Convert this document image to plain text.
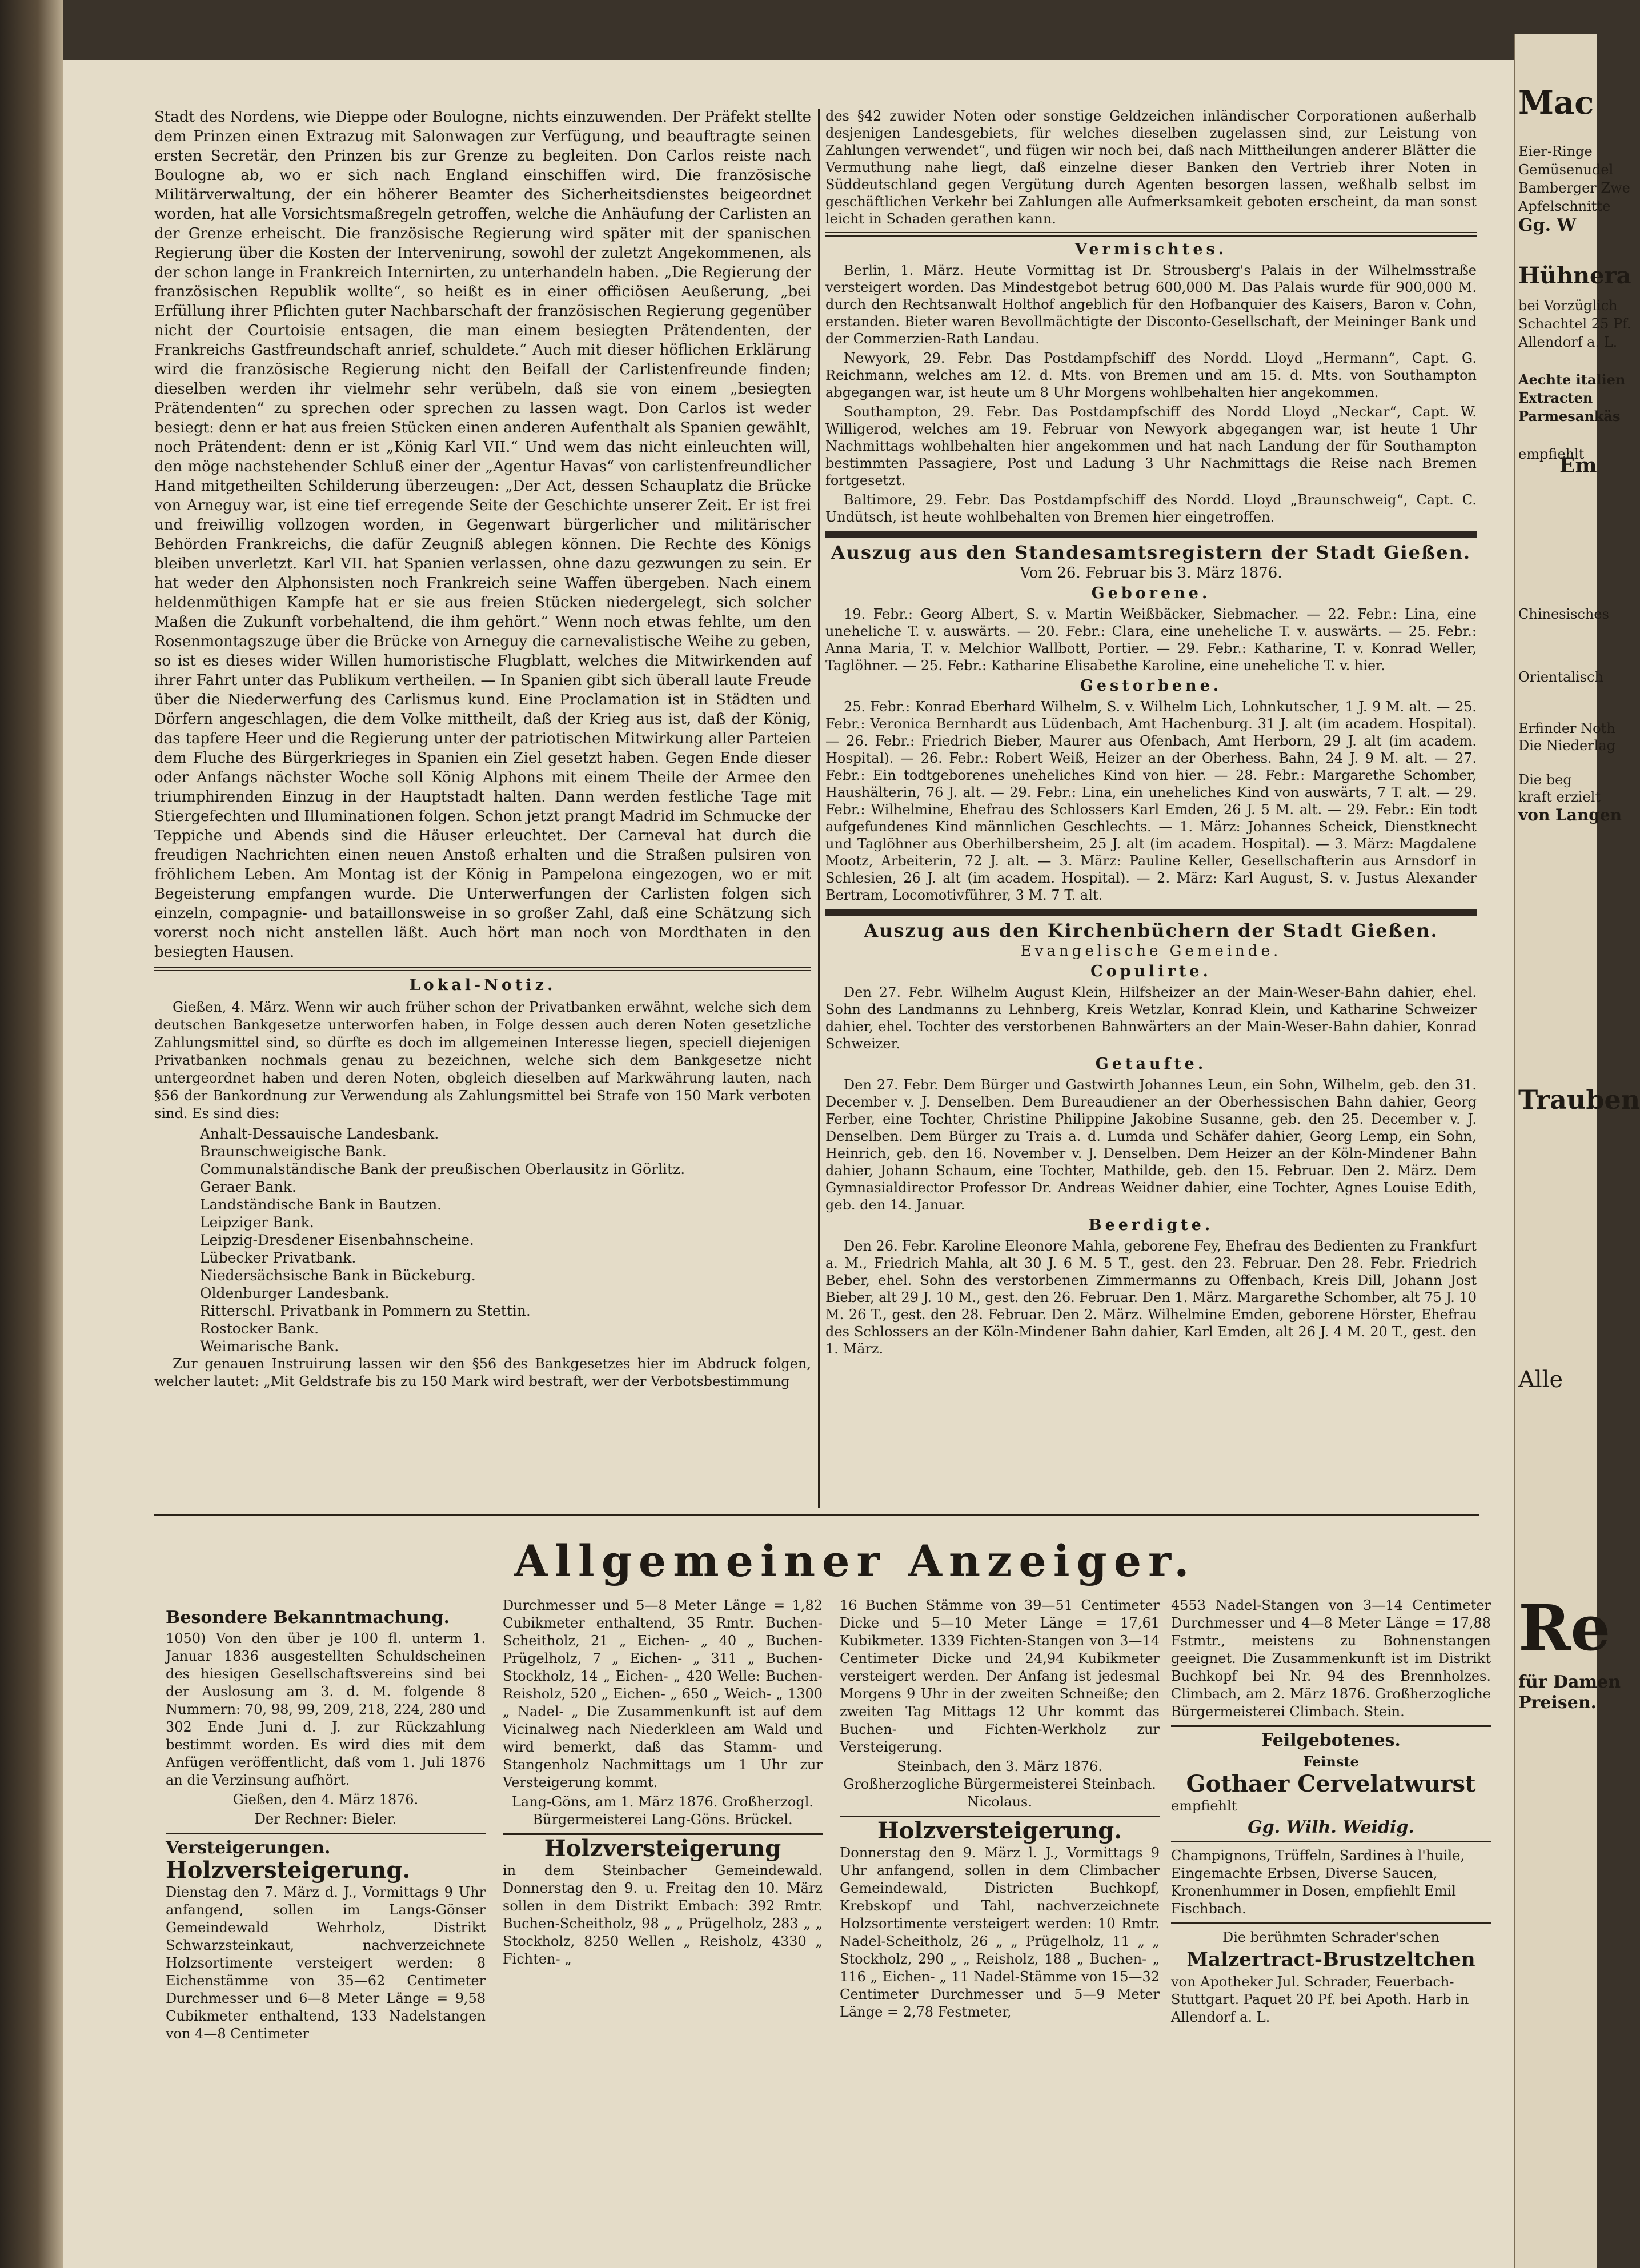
Stadt des Nordens, wie Dieppe oder Boulogne, nichts einzuwenden. Der Präfekt stellte dem Prinzen einen Extrazug mit Salonwagen zur Verfügung, und beauftragte seinen ersten Secretär, den Prinzen bis zur Grenze zu begleiten. Don Carlos reiste nach Boulogne ab, wo er sich nach England einschiffen wird. Die französische Militärverwaltung, der ein höherer Beamter des Sicherheitsdienstes beigeordnet worden, hat alle Vorsichtsmaßregeln getroffen, welche die Anhäufung der Carlisten an der Grenze erheischt. Die französische Regierung wird später mit der spanischen Regierung über die Kosten der Intervenirung, sowohl der zuletzt Angekommenen, als der schon lange in Frankreich Internirten, zu unterhandeln haben. „Die Regierung der französischen Republik wollte“, so heißt es in einer officiösen Aeußerung, „bei Erfüllung ihrer Pflichten guter Nachbarschaft der französischen Regierung gegenüber nicht der Courtoisie entsagen, die man einem besiegten Prätendenten, der Frankreichs Gastfreundschaft anrief, schuldete.“ Auch mit dieser höflichen Erklärung wird die französische Regierung nicht den Beifall der Carlistenfreunde finden; dieselben werden ihr vielmehr sehr verübeln, daß sie von einem „besiegten Prätendenten“ zu sprechen oder sprechen zu lassen wagt. Don Carlos ist weder besiegt: denn er hat aus freien Stücken einen anderen Aufenthalt als Spanien gewählt, noch Prätendent: denn er ist „König Karl VII.“ Und wem das nicht einleuchten will, den möge nachstehender Schluß einer der „Agentur Havas“ von carlistenfreundlicher Hand mitgetheilten Schilderung überzeugen: „Der Act, dessen Schauplatz die Brücke von Arneguy war, ist eine tief erregende Seite der Geschichte unserer Zeit. Er ist frei und freiwillig vollzogen worden, in Gegenwart bürgerlicher und militärischer Behörden Frankreichs, die dafür Zeugniß ablegen können. Die Rechte des Königs bleiben unverletzt. Karl VII. hat Spanien verlassen, ohne dazu gezwungen zu sein. Er hat weder den Alphonsisten noch Frankreich seine Waffen übergeben. Nach einem heldenmüthigen Kampfe hat er sie aus freien Stücken niedergelegt, sich solcher Maßen die Zukunft vorbehaltend, die ihm gehört.“ Wenn noch etwas fehlte, um den Rosenmontagszuge über die Brücke von Arneguy die carnevalistische Weihe zu geben, so ist es dieses wider Willen humoristische Flugblatt, welches die Mitwirkenden auf ihrer Fahrt unter das Publikum vertheilen. — In Spanien gibt sich überall laute Freude über die Niederwerfung des Carlismus kund. Eine Proclamation ist in Städten und Dörfern angeschlagen, die dem Volke mittheilt, daß der Krieg aus ist, daß der König, das tapfere Heer und die Regierung unter der patriotischen Mitwirkung aller Parteien dem Fluche des Bürgerkrieges in Spanien ein Ziel gesetzt haben. Gegen Ende dieser oder Anfangs nächster Woche soll König Alphons mit einem Theile der Armee den triumphirenden Einzug in der Hauptstadt halten. Dann werden festliche Tage mit Stiergefechten und Illuminationen folgen. Schon jetzt prangt Madrid im Schmucke der Teppiche und Abends sind die Häuser erleuchtet. Der Carneval hat durch die freudigen Nachrichten einen neuen Anstoß erhalten und die Straßen pulsiren von fröhlichem Leben. Am Montag ist der König in Pampelona eingezogen, wo er mit Begeisterung empfangen wurde. Die Unterwerfungen der Carlisten folgen sich einzeln, compagnie- und bataillonsweise in so großer Zahl, daß eine Schätzung sich vorerst noch nicht anstellen läßt. Auch hört man noch von Mordthaten in den besiegten Hausen.

Lokal-Notiz.

Gießen, 4. März. Wenn wir auch früher schon der Privatbanken erwähnt, welche sich dem deutschen Bankgesetze unterworfen haben, in Folge dessen auch deren Noten gesetzliche Zahlungsmittel sind, so dürfte es doch im allgemeinen Interesse liegen, speciell diejenigen Privatbanken nochmals genau zu bezeichnen, welche sich dem Bankgesetze nicht untergeordnet haben und deren Noten, obgleich dieselben auf Markwährung lauten, nach §56 der Bankordnung zur Verwendung als Zahlungsmittel bei Strafe von 150 Mark verboten sind. Es sind dies:

Anhalt-Dessauische Landesbank.
Braunschweigische Bank.
Communalständische Bank der preußischen Oberlausitz in Görlitz.
Geraer Bank.
Landständische Bank in Bautzen.
Leipziger Bank.
Leipzig-Dresdener Eisenbahnscheine.
Lübecker Privatbank.
Niedersächsische Bank in Bückeburg.
Oldenburger Landesbank.
Ritterschl. Privatbank in Pommern zu Stettin.
Rostocker Bank.
Weimarische Bank.

Zur genauen Instruirung lassen wir den §56 des Bankgesetzes hier im Abdruck folgen, welcher lautet: „Mit Geldstrafe bis zu 150 Mark wird bestraft, wer der Verbotsbestimmung

des §42 zuwider Noten oder sonstige Geldzeichen inländischer Corporationen außerhalb desjenigen Landesgebiets, für welches dieselben zugelassen sind, zur Leistung von Zahlungen verwendet“, und fügen wir noch bei, daß nach Mittheilungen anderer Blätter die Vermuthung nahe liegt, daß einzelne dieser Banken den Vertrieb ihrer Noten in Süddeutschland gegen Vergütung durch Agenten besorgen lassen, weßhalb selbst im geschäftlichen Verkehr bei Zahlungen alle Aufmerksamkeit geboten erscheint, da man sonst leicht in Schaden gerathen kann.

Vermischtes.

Berlin, 1. März. Heute Vormittag ist Dr. Strousberg's Palais in der Wilhelmsstraße versteigert worden. Das Mindestgebot betrug 600,000 M. Das Palais wurde für 900,000 M. durch den Rechtsanwalt Holthof angeblich für den Hofbanquier des Kaisers, Baron v. Cohn, erstanden. Bieter waren Bevollmächtigte der Disconto-Gesellschaft, der Meininger Bank und der Commerzien-Rath Landau.

Newyork, 29. Febr. Das Postdampfschiff des Nordd. Lloyd „Hermann“, Capt. G. Reichmann, welches am 12. d. Mts. von Bremen und am 15. d. Mts. von Southampton abgegangen war, ist heute um 8 Uhr Morgens wohlbehalten hier angekommen.

Southampton, 29. Febr. Das Postdampfschiff des Nordd Lloyd „Neckar“, Capt. W. Willigerod, welches am 19. Februar von Newyork abgegangen war, ist heute 1 Uhr Nachmittags wohlbehalten hier angekommen und hat nach Landung der für Southampton bestimmten Passagiere, Post und Ladung 3 Uhr Nachmittags die Reise nach Bremen fortgesetzt.

Baltimore, 29. Febr. Das Postdampfschiff des Nordd. Lloyd „Braunschweig“, Capt. C. Undütsch, ist heute wohlbehalten von Bremen hier eingetroffen.

Auszug aus den Standesamtsregistern der Stadt Gießen.
Vom 26. Februar bis 3. März 1876.
Geborene.

19. Febr.: Georg Albert, S. v. Martin Weißbäcker, Siebmacher. — 22. Febr.: Lina, eine uneheliche T. v. auswärts. — 20. Febr.: Clara, eine uneheliche T. v. auswärts. — 25. Febr.: Anna Maria, T. v. Melchior Wallbott, Portier. — 29. Febr.: Katharine, T. v. Konrad Weller, Taglöhner. — 25. Febr.: Katharine Elisabethe Karoline, eine uneheliche T. v. hier.

Gestorbene.

25. Febr.: Konrad Eberhard Wilhelm, S. v. Wilhelm Lich, Lohnkutscher, 1 J. 9 M. alt. — 25. Febr.: Veronica Bernhardt aus Lüdenbach, Amt Hachenburg. 31 J. alt (im academ. Hospital). — 26. Febr.: Friedrich Bieber, Maurer aus Ofenbach, Amt Herborn, 29 J. alt (im academ. Hospital). — 26. Febr.: Robert Weiß, Heizer an der Oberhess. Bahn, 24 J. 9 M. alt. — 27. Febr.: Ein todtgeborenes uneheliches Kind von hier. — 28. Febr.: Margarethe Schomber, Haushälterin, 76 J. alt. — 29. Febr.: Lina, ein uneheliches Kind von auswärts, 7 T. alt. — 29. Febr.: Wilhelmine, Ehefrau des Schlossers Karl Emden, 26 J. 5 M. alt. — 29. Febr.: Ein todt aufgefundenes Kind männlichen Geschlechts. — 1. März: Johannes Scheick, Dienstknecht und Taglöhner aus Oberhilbersheim, 25 J. alt (im academ. Hospital). — 3. März: Magdalene Mootz, Arbeiterin, 72 J. alt. — 3. März: Pauline Keller, Gesellschafterin aus Arnsdorf in Schlesien, 26 J. alt (im academ. Hospital). — 2. März: Karl August, S. v. Justus Alexander Bertram, Locomotivführer, 3 M. 7 T. alt.

Auszug aus den Kirchenbüchern der Stadt Gießen.
Evangelische Gemeinde.
Copulirte.

Den 27. Febr. Wilhelm August Klein, Hilfsheizer an der Main-Weser-Bahn dahier, ehel. Sohn des Landmanns zu Lehnberg, Kreis Wetzlar, Konrad Klein, und Katharine Schweizer dahier, ehel. Tochter des verstorbenen Bahnwärters an der Main-Weser-Bahn dahier, Konrad Schweizer.

Getaufte.

Den 27. Febr. Dem Bürger und Gastwirth Johannes Leun, ein Sohn, Wilhelm, geb. den 31. December v. J. Denselben. Dem Bureaudiener an der Oberhessischen Bahn dahier, Georg Ferber, eine Tochter, Christine Philippine Jakobine Susanne, geb. den 25. December v. J. Denselben. Dem Bürger zu Trais a. d. Lumda und Schäfer dahier, Georg Lemp, ein Sohn, Heinrich, geb. den 16. November v. J. Denselben. Dem Heizer an der Köln-Mindener Bahn dahier, Johann Schaum, eine Tochter, Mathilde, geb. den 15. Februar. Den 2. März. Dem Gymnasialdirector Professor Dr. Andreas Weidner dahier, eine Tochter, Agnes Louise Edith, geb. den 14. Januar.

Beerdigte.

Den 26. Febr. Karoline Eleonore Mahla, geborene Fey, Ehefrau des Bedienten zu Frankfurt a. M., Friedrich Mahla, alt 30 J. 6 M. 5 T., gest. den 23. Februar. Den 28. Febr. Friedrich Beber, ehel. Sohn des verstorbenen Zimmermanns zu Offenbach, Kreis Dill, Johann Jost Bieber, alt 29 J. 10 M., gest. den 26. Februar. Den 1. März. Margarethe Schomber, alt 75 J. 10 M. 26 T., gest. den 28. Februar. Den 2. März. Wilhelmine Emden, geborene Hörster, Ehefrau des Schlossers an der Köln-Mindener Bahn dahier, Karl Emden, alt 26 J. 4 M. 20 T., gest. den 1. März.

Allgemeiner Anzeiger.
Besondere Bekanntmachung.

1050) Von den über je 100 fl. unterm 1. Januar 1836 ausgestellten Schuldscheinen des hiesigen Gesellschaftsvereins sind bei der Auslosung am 3. d. M. folgende 8 Nummern: 70, 98, 99, 209, 218, 224, 280 und 302 Ende Juni d. J. zur Rückzahlung bestimmt worden. Es wird dies mit dem Anfügen veröffentlicht, daß vom 1. Juli 1876 an die Verzinsung aufhört.

Gießen, den 4. März 1876.

Der Rechner: Bieler.

Versteigerungen.
Holzversteigerung.

Dienstag den 7. März d. J., Vormittags 9 Uhr anfangend, sollen im Langs-Gönser Gemeindewald Wehrholz, Distrikt Schwarzsteinkaut, nachverzeichnete Holzsortimente versteigert werden: 8 Eichenstämme von 35—62 Centimeter Durchmesser und 6—8 Meter Länge = 9,58 Cubikmeter enthaltend, 133 Nadelstangen von 4—8 Centimeter

Durchmesser und 5—8 Meter Länge = 1,82 Cubikmeter enthaltend, 35 Rmtr. Buchen-Scheitholz, 21 „ Eichen- „ 40 „ Buchen-Prügelholz, 7 „ Eichen- „ 311 „ Buchen-Stockholz, 14 „ Eichen- „ 420 Welle: Buchen-Reisholz, 520 „ Eichen- „ 650 „ Weich- „ 1300 „ Nadel- „ Die Zusammenkunft ist auf dem Vicinalweg nach Niederkleen am Wald und wird bemerkt, daß das Stamm- und Stangenholz Nachmittags um 1 Uhr zur Versteigerung kommt.

Lang-Göns, am 1. März 1876. Großherzogl. Bürgermeisterei Lang-Göns. Brückel.

Holzversteigerung

in dem Steinbacher Gemeindewald. Donnerstag den 9. u. Freitag den 10. März sollen in dem Distrikt Embach: 392 Rmtr. Buchen-Scheitholz, 98 „ „ Prügelholz, 283 „ „ Stockholz, 8250 Wellen „ Reisholz, 4330 „ Fichten- „

16 Buchen Stämme von 39—51 Centimeter Dicke und 5—10 Meter Länge = 17,61 Kubikmeter. 1339 Fichten-Stangen von 3—14 Centimeter Dicke und 24,94 Kubikmeter versteigert werden. Der Anfang ist jedesmal Morgens 9 Uhr in der zweiten Schneiße; den zweiten Tag Mittags 12 Uhr kommt das Buchen- und Fichten-Werkholz zur Versteigerung.

Steinbach, den 3. März 1876. Großherzogliche Bürgermeisterei Steinbach. Nicolaus.

Holzversteigerung.

Donnerstag den 9. März l. J., Vormittags 9 Uhr anfangend, sollen in dem Climbacher Gemeindewald, Districten Buchkopf, Krebskopf und Tahl, nachverzeichnete Holzsortimente versteigert werden: 10 Rmtr. Nadel-Scheitholz, 26 „ „ Prügelholz, 11 „ „ Stockholz, 290 „ „ Reisholz, 188 „ Buchen- „ 116 „ Eichen- „ 11 Nadel-Stämme von 15—32 Centimeter Durchmesser und 5—9 Meter Länge = 2,78 Festmeter,

4553 Nadel-Stangen von 3—14 Centimeter Durchmesser und 4—8 Meter Länge = 17,88 Fstmtr., meistens zu Bohnenstangen geeignet. Die Zusammenkunft ist im Distrikt Buchkopf bei Nr. 94 des Brennholzes. Climbach, am 2. März 1876. Großherzogliche Bürgermeisterei Climbach. Stein.

Feilgebotenes.
Feinste
Gothaer Cervelatwurst
empfiehlt
Gg. Wilh. Weidig.

Champignons, Trüffeln, Sardines à l'huile, Eingemachte Erbsen, Diverse Saucen, Kronenhummer in Dosen, empfiehlt Emil Fischbach.

Die berühmten Schrader'schen
Malzertract-Brustzeltchen

von Apotheker Jul. Schrader, Feuerbach-Stuttgart. Paquet 20 Pf. bei Apoth. Harb in Allendorf a. L.

Mac
Eier-Ringe
Gemüsenudel
Bamberger Zwe
Apfelschnitte
Gg. W
Hühnera
bei Vorzüglich
Schachtel 25 Pf.
Allendorf a. L.
Aechte italien
Extracten
Parmesankäs
empfiehlt
Em
Chinesisches
Orientalisch
Erfinder Noth
Die Niederlag
Die beg
kraft erzielt
von Langen
Trauben
Alle
Re
für Damen
Preisen.
